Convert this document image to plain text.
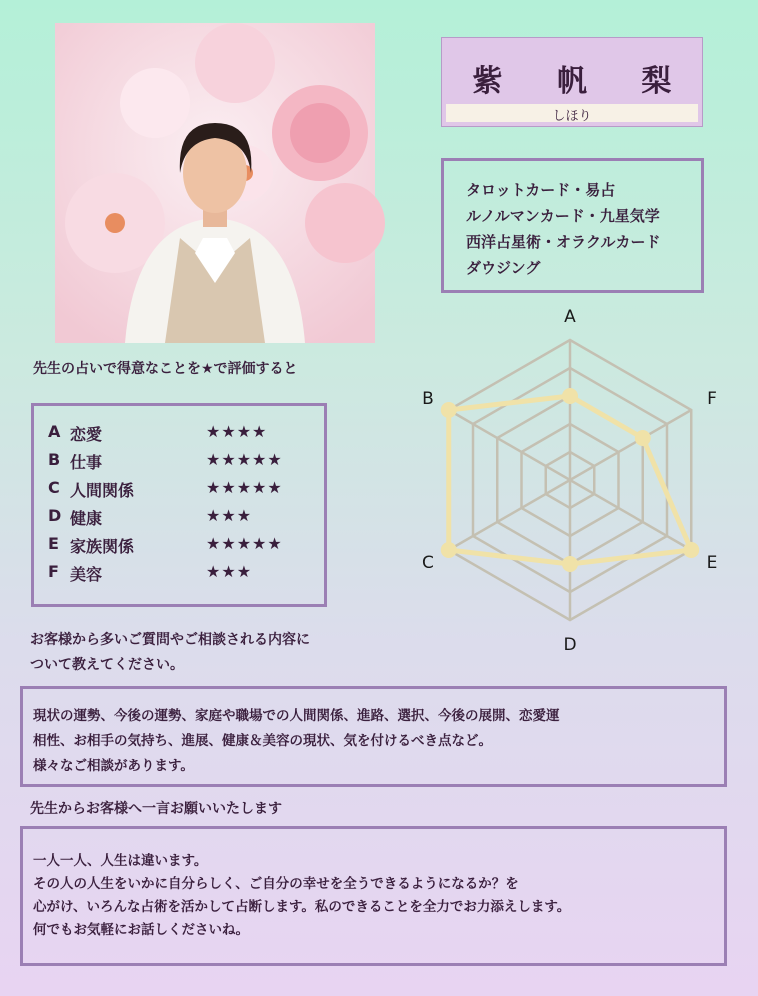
紫 帆 梨
しほり
タロットカード・易占
ルノルマンカード・九星気学
西洋占星術・オラクルカード
ダウジング
先生の占いで得意なことを★で評価すると
A 恋愛	★★★★
B 仕事	★★★★★
C 人間関係	★★★★★
D 健康	★★★
E 家族関係	★★★★★
F 美容	★★★
A
F
E
D
C
B
お客様から多いご質問やご相談される内容に
ついて教えてください。
現状の運勢、今後の運勢、家庭や職場での人間関係、進路、選択、今後の展開、恋愛運
相性、お相手の気持ち、進展、健康＆美容の現状、気を付けるべき点など。
様々なご相談があります。
先生からお客様へ一言お願いいたします
一人一人、人生は違います。
その人の人生をいかに自分らしく、ご自分の幸せを全うできるようになるか？を
心がけ、いろんな占術を活かして占断します。私のできることを全力でお力添えします。
何でもお気軽にお話しくださいね。
